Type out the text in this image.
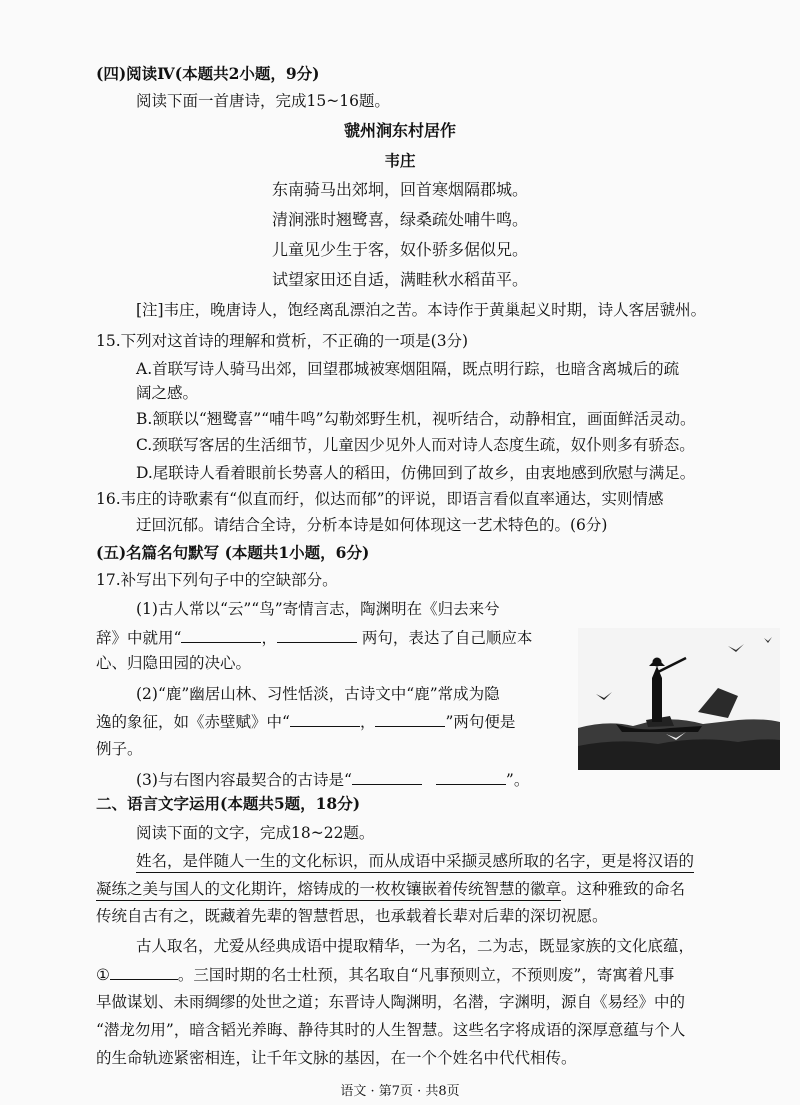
(四)阅读Ⅳ(本题共2小题，9分)
阅读下面一首唐诗，完成15~16题。
虢州涧东村居作
韦庄
东南骑马出郊坰，回首寒烟隔郡城。
清涧涨时翘鹭喜，绿桑疏处哺牛鸣。
儿童见少生于客，奴仆骄多倨似兄。
试望家田还自适，满畦秋水稻苗平。
[注]韦庄，晚唐诗人，饱经离乱漂泊之苦。本诗作于黄巢起义时期，诗人客居虢州。
15.下列对这首诗的理解和赏析，不正确的一项是(3分)
A.首联写诗人骑马出郊，回望郡城被寒烟阻隔，既点明行踪，也暗含离城后的疏
阔之感。
B.颔联以“翘鹭喜”“哺牛鸣”勾勒郊野生机，视听结合，动静相宜，画面鲜活灵动。
C.颈联写客居的生活细节，儿童因少见外人而对诗人态度生疏，奴仆则多有骄态。
D.尾联诗人看着眼前长势喜人的稻田，仿佛回到了故乡，由衷地感到欣慰与满足。
16.韦庄的诗歌素有“似直而纡，似达而郁”的评说，即语言看似直率通达，实则情感
迂回沉郁。请结合全诗，分析本诗是如何体现这一艺术特色的。(6分)
(五)名篇名句默写 (本题共1小题，6分)
17.补写出下列句子中的空缺部分。
(1)古人常以“云”“鸟”寄情言志，陶渊明在《归去来兮
辞》中就用“	，	两句，表达了自己顺应本
心、归隐田园的决心。
(2)“鹿”幽居山林、习性恬淡，古诗文中“鹿”常成为隐
逸的象征，如《赤壁赋》中“	，	”两句便是
例子。
(3)与右图内容最契合的古诗是“	”。
二、语言文字运用(本题共5题，18分)
阅读下面的文字，完成18~22题。
姓名，是伴随人一生的文化标识，而从成语中采撷灵感所取的名字，更是将汉语的
凝练之美与国人的文化期许，熔铸成的一枚枚镶嵌着传统智慧的徽章。这种雅致的命名
传统自古有之，既藏着先辈的智慧哲思，也承载着长辈对后辈的深切祝愿。
古人取名，尤爱从经典成语中提取精华，一为名，二为志，既显家族的文化底蕴，
①	。三国时期的名士杜预，其名取自“凡事预则立，不预则废”，寄寓着凡事
早做谋划、未雨绸缪的处世之道；东晋诗人陶渊明，名潜，字渊明，源自《易经》中的
“潜龙勿用”，暗含韬光养晦、静待其时的人生智慧。这些名字将成语的深厚意蕴与个人
的生命轨迹紧密相连，让千年文脉的基因，在一个个姓名中代代相传。
语文 · 第7页 · 共8页
